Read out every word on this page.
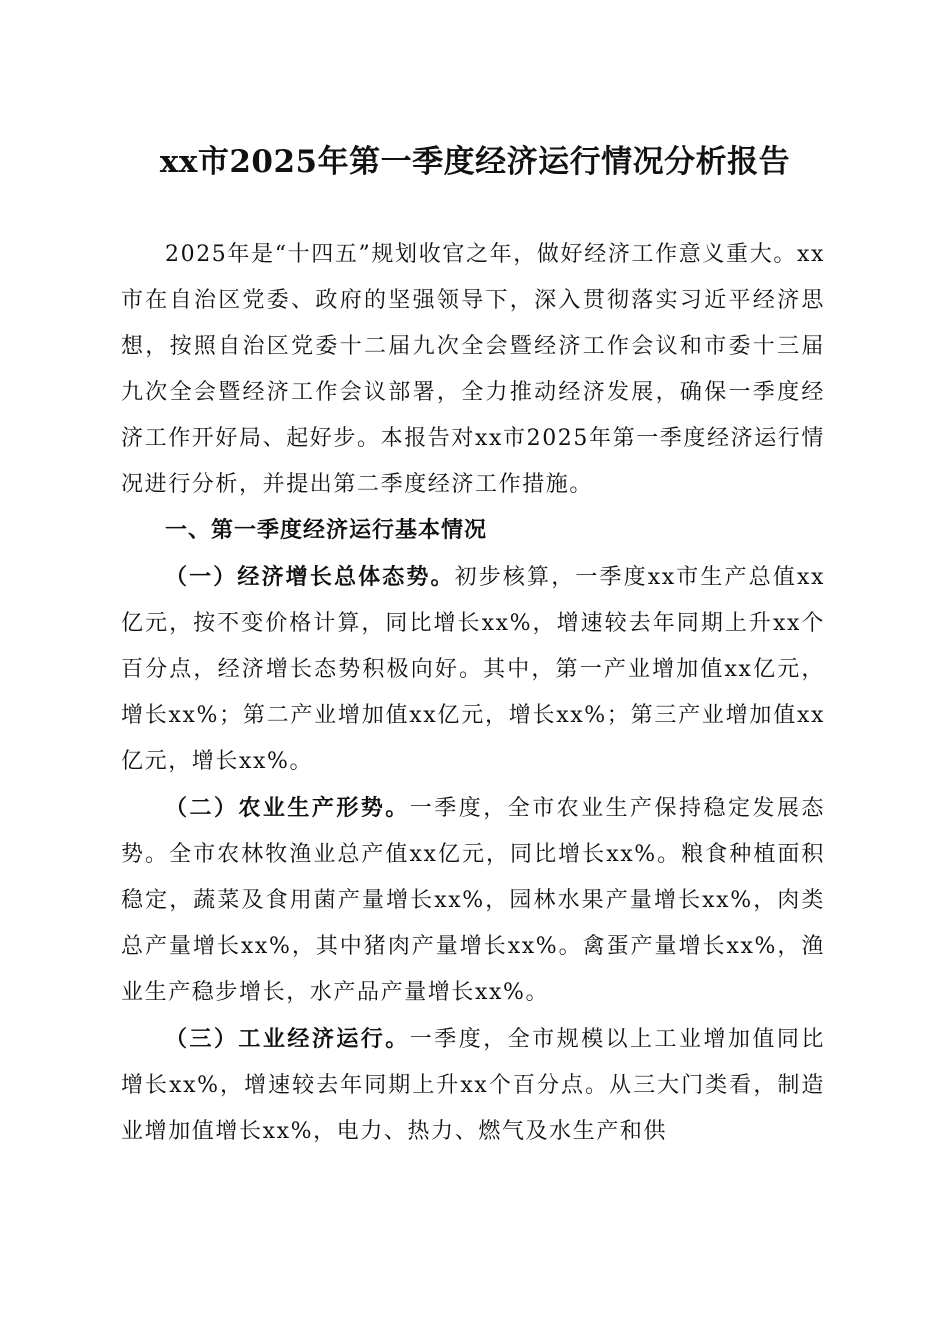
xx市2025年第一季度经济运行情况分析报告

2025年是“十四五”规划收官之年，做好经济工作意义重大。xx市在自治区党委、政府的坚强领导下，深入贯彻落实习近平经济思想，按照自治区党委十二届九次全会暨经济工作会议和市委十三届九次全会暨经济工作会议部署，全力推动经济发展，确保一季度经济工作开好局、起好步。本报告对xx市2025年第一季度经济运行情况进行分析，并提出第二季度经济工作措施。

一、第一季度经济运行基本情况

（一）经济增长总体态势。初步核算，一季度xx市生产总值xx亿元，按不变价格计算，同比增长xx%，增速较去年同期上升xx个百分点，经济增长态势积极向好。其中，第一产业增加值xx亿元，增长xx%；第二产业增加值xx亿元，增长xx%；第三产业增加值xx亿元，增长xx%。

（二）农业生产形势。一季度，全市农业生产保持稳定发展态势。全市农林牧渔业总产值xx亿元，同比增长xx%。粮食种植面积稳定，蔬菜及食用菌产量增长xx%，园林水果产量增长xx%，肉类总产量增长xx%，其中猪肉产量增长xx%。禽蛋产量增长xx%，渔业生产稳步增长，水产品产量增长xx%。

（三）工业经济运行。一季度，全市规模以上工业增加值同比增长xx%，增速较去年同期上升xx个百分点。从三大门类看，制造业增加值增长xx%，电力、热力、燃气及水生产和供
